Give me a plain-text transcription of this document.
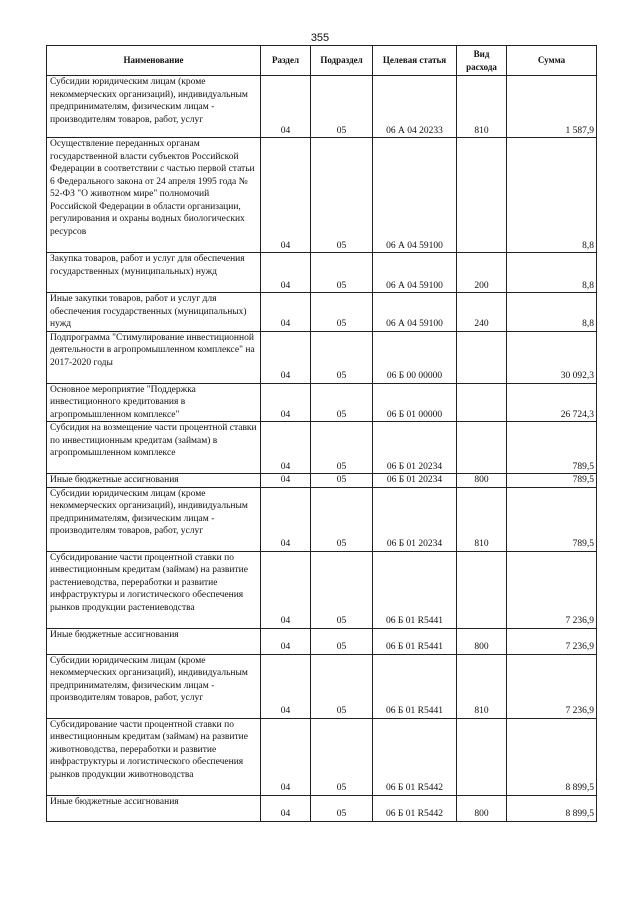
355
Наименование	Раздел	Подраздел	Целевая статья	Вид расхода	Сумма
Субсидии юридическим лицам (кроме некоммерческих организаций), индивидуальным предпринимателям, физическим лицам - производителям товаров, работ, услуг	04	05	06 А 04 20233	810	1 587,9
Осуществление переданных органам государственной власти субъектов Российской Федерации в соответствии с частью первой статьи 6 Федерального закона от 24 апреля 1995 года № 52-ФЗ "О животном мире" полномочий Российской Федерации в области организации, регулирования и охраны водных биологических ресурсов	04	05	06 А 04 59100		8,8
Закупка товаров, работ и услуг для обеспечения государственных (муниципальных) нужд	04	05	06 А 04 59100	200	8,8
Иные закупки товаров, работ и услуг для обеспечения государственных (муниципальных) нужд	04	05	06 А 04 59100	240	8,8
Подпрограмма "Стимулирование инвестиционной деятельности в агропромышленном комплексе" на 2017-2020 годы	04	05	06 Б 00 00000		30 092,3
Основное мероприятие "Поддержка инвестиционного кредитования в агропромышленном комплексе"	04	05	06 Б 01 00000		26 724,3
Субсидия на возмещение части процентной ставки по инвестиционным кредитам (займам) в агропромышленном комплексе	04	05	06 Б 01 20234		789,5
Иные бюджетные ассигнования	04	05	06 Б 01 20234	800	789,5
Субсидии юридическим лицам (кроме некоммерческих организаций), индивидуальным предпринимателям, физическим лицам - производителям товаров, работ, услуг	04	05	06 Б 01 20234	810	789,5
Субсидирование части процентной ставки по инвестиционным кредитам (займам) на развитие растениеводства, переработки и развитие инфраструктуры и логистического обеспечения рынков продукции растениеводства	04	05	06 Б 01 R5441		7 236,9
Иные бюджетные ассигнования	04	05	06 Б 01 R5441	800	7 236,9
Субсидии юридическим лицам (кроме некоммерческих организаций), индивидуальным предпринимателям, физическим лицам - производителям товаров, работ, услуг	04	05	06 Б 01 R5441	810	7 236,9
Субсидирование части процентной ставки по инвестиционным кредитам (займам) на развитие животноводства, переработки и развитие инфраструктуры и логистического обеспечения рынков продукции животноводства	04	05	06 Б 01 R5442		8 899,5
Иные бюджетные ассигнования	04	05	06 Б 01 R5442	800	8 899,5
